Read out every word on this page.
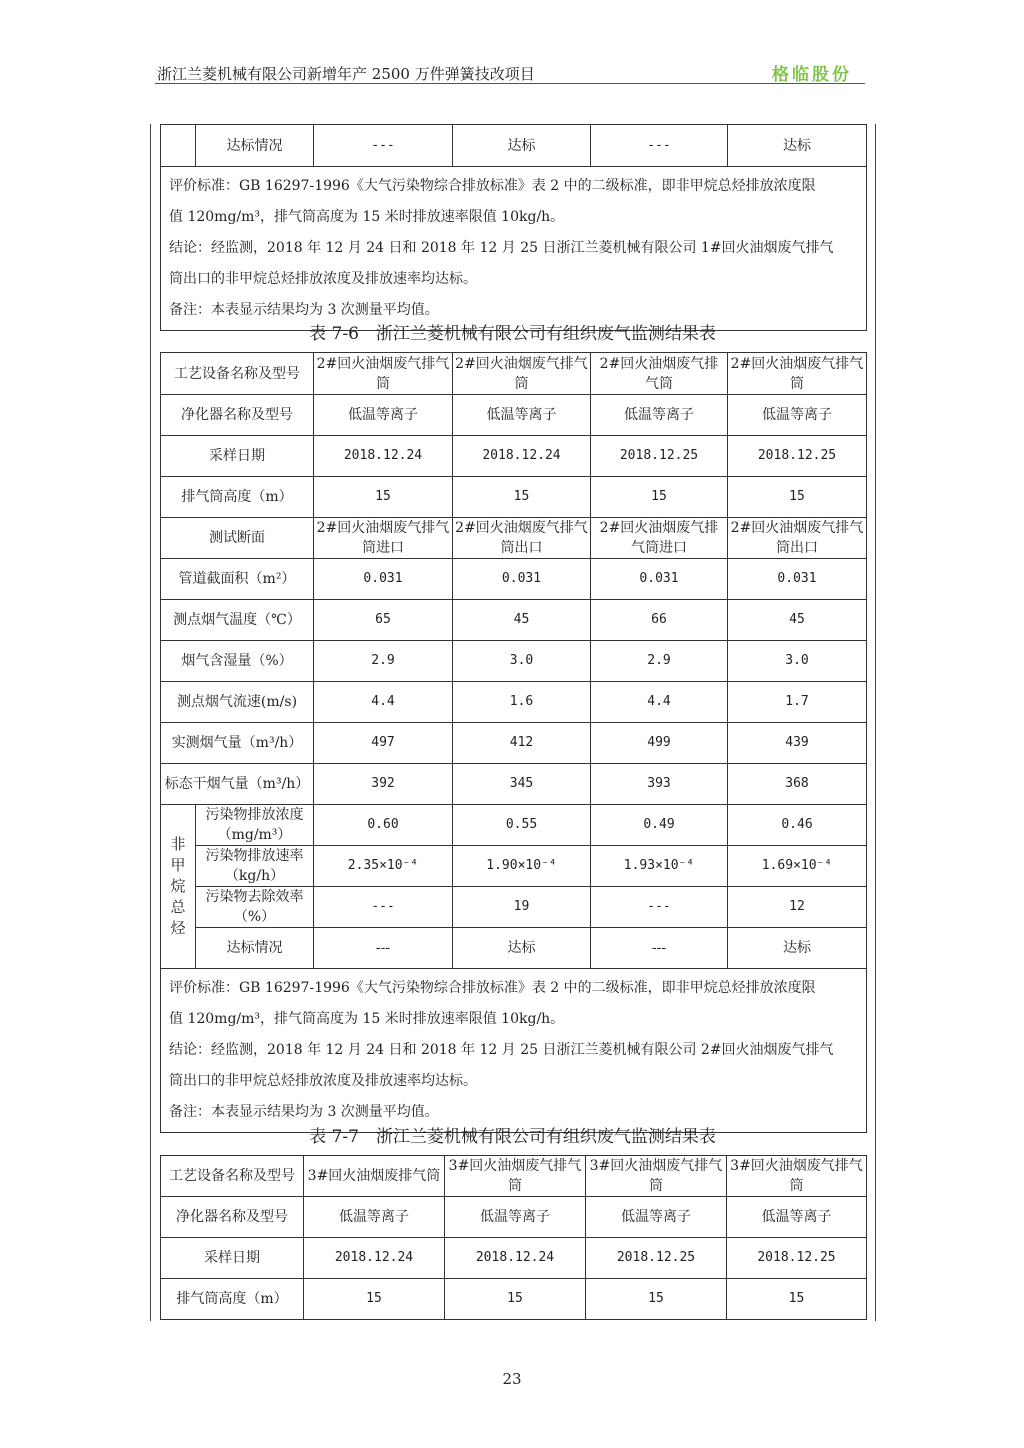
浙江兰菱机械有限公司新增年产 2500 万件弹簧技改项目	格临股份
	达标情况	---	达标	---	达标

评价标准：GB 16297-1996《大气污染物综合排放标准》表 2 中的二级标准，即非甲烷总烃排放浓度限

值 120mg/m³，排气筒高度为 15 米时排放速率限值 10kg/h。

结论：经监测，2018 年 12 月 24 日和 2018 年 12 月 25 日浙江兰菱机械有限公司 1#回火油烟废气排气

筒出口的非甲烷总烃排放浓度及排放速率均达标。

备注：本表显示结果均为 3 次测量平均值。

表 7-6　浙江兰菱机械有限公司有组织废气监测结果表
工艺设备名称及型号		2#回火油烟废气排气筒	2#回火油烟废气排气筒	2#回火油烟废气排气筒	2#回火油烟废气排气筒
净化器名称及型号		低温等离子	低温等离子	低温等离子	低温等离子
采样日期		2018.12.24	2018.12.24	2018.12.25	2018.12.25
排气筒高度（m）		15	15	15	15
测试断面		2#回火油烟废气排气筒进口	2#回火油烟废气排气筒出口	2#回火油烟废气排气筒进口	2#回火油烟废气排气筒出口
管道截面积（m²）		0.031	0.031	0.031	0.031
测点烟气温度（℃）		65	45	66	45
烟气含湿量（%）		2.9	3.0	2.9	3.0
测点烟气流速(m/s)		4.4	1.6	4.4	1.7
实测烟气量（m³/h）		497	412	499	439
标态干烟气量（m³/h）		392	345	393	368

非
甲
烷
总
烃	污染物排放浓度（mg/m³）	0.60	0.55	0.49	0.46
	污染物排放速率（kg/h）	2.35×10⁻⁴	1.90×10⁻⁴	1.93×10⁻⁴	1.69×10⁻⁴
	污染物去除效率（%）	---	19	---	12
	达标情况	---	达标	---	达标

评价标准：GB 16297-1996《大气污染物综合排放标准》表 2 中的二级标准，即非甲烷总烃排放浓度限

值 120mg/m³，排气筒高度为 15 米时排放速率限值 10kg/h。

结论：经监测，2018 年 12 月 24 日和 2018 年 12 月 25 日浙江兰菱机械有限公司 2#回火油烟废气排气

筒出口的非甲烷总烃排放浓度及排放速率均达标。

备注：本表显示结果均为 3 次测量平均值。					

表 7-7　浙江兰菱机械有限公司有组织废气监测结果表
工艺设备名称及型号	3#回火油烟废排气筒	3#回火油烟废气排气筒	3#回火油烟废气排气筒	3#回火油烟废气排气筒
净化器名称及型号	低温等离子	低温等离子	低温等离子	低温等离子
采样日期	2018.12.24	2018.12.24	2018.12.25	2018.12.25
排气筒高度（m）	15	15	15	15
23
